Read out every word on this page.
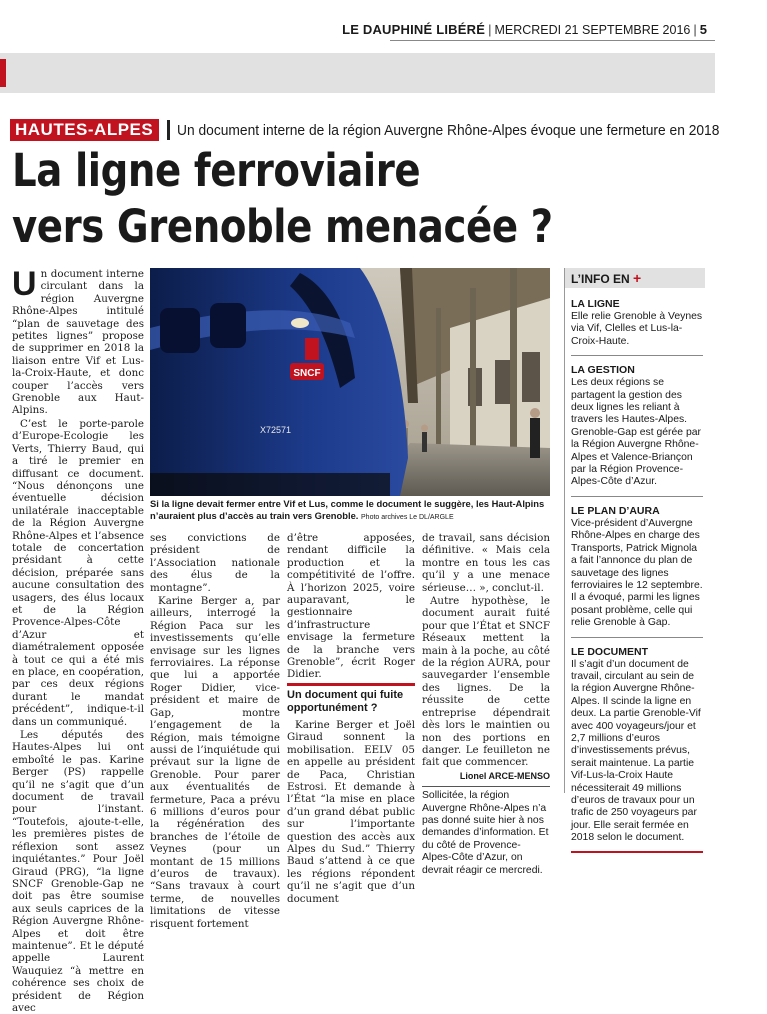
LE DAUPHINÉ LIBÉRÉ | MERCREDI 21 SEPTEMBRE 2016 | 5
HAUTES-ALPES	Un document interne de la région Auvergne Rhône-Alpes évoque une fermeture en 2018
La ligne ferroviaire
vers Grenoble menacée ?
U n document interne circulant dans la région Auvergne Rhône-Alpes intitulé “plan de sauvetage des petites lignes” propose de supprimer en 2018 la liaison entre Vif et Lus-la-Croix-Haute, et donc couper l’accès vers Grenoble aux Haut-Alpins.

C’est le porte-parole d’Europe-Ecologie les Verts, Thierry Baud, qui a tiré le premier en diffusant ce document. “Nous dénonçons une éventuelle décision unilatérale inacceptable de la Région Auvergne Rhône-Alpes et l’absence totale de concertation présidant à cette décision, préparée sans aucune consultation des usagers, des élus locaux et de la Région Provence-Alpes-Côte d’Azur et diamétralement opposée à tout ce qui a été mis en place, en coopération, par ces deux régions durant le mandat précédent”, indique-t-il dans un communiqué.

Les députés des Hautes-Alpes lui ont emboîté le pas. Karine Berger (PS) rappelle qu’il ne s’agit que d’un document de travail pour l’instant. “Toutefois, ajoute-t-elle, les premières pistes de réflexion sont assez inquiétantes.” Pour Joël Giraud (PRG), “la ligne SNCF Grenoble-Gap ne doit pas être soumise aux seuls caprices de la Région Auvergne Rhône-Alpes et doit être maintenue”. Et le député appelle Laurent Wauquiez “à mettre en cohérence ses choix de président de Région avec

SNCF
X72571
Si la ligne devait fermer entre Vif et Lus, comme le document le suggère, les Haut-Alpins n’auraient plus d’accès au train vers Grenoble. Photo archives Le DL/ARGLE

ses convictions de président de l’Association nationale des élus de la montagne”.

Karine Berger a, par ailleurs, interrogé la Région Paca sur les investissements qu’elle envisage sur les lignes ferroviaires. La réponse que lui a apportée Roger Didier, vice-président et maire de Gap, montre l’engagement de la Région, mais témoigne aussi de l’inquiétude qui prévaut sur la ligne de Grenoble. Pour parer aux éventualités de fermeture, Paca a prévu 6 millions d’euros pour la régénération des branches de l’étoile de Veynes (pour un montant de 15 millions d’euros de travaux). “Sans travaux à court terme, de nouvelles limitations de vitesse risquent fortement

d’être apposées, rendant difficile la production et la compétitivité de l’offre. À l’horizon 2025, voire auparavant, le gestionnaire d’infrastructure envisage la fermeture de la branche vers Grenoble”, écrit Roger Didier.

Un document qui fuite opportunément ?

Karine Berger et Joël Giraud sonnent la mobilisation. EELV 05 en appelle au président de Paca, Christian Estrosi. Et demande à l’État “la mise en place d’un grand débat public sur l’importante question des accès aux Alpes du Sud.” Thierry Baud s’attend à ce que les régions répondent qu’il ne s’agit que d’un document

de travail, sans décision définitive. « Mais cela montre en tous les cas qu’il y a une menace sérieuse… », conclut-il.

Autre hypothèse, le document aurait fuité pour que l’État et SNCF Réseaux mettent la main à la poche, au côté de la région AURA, pour sauvegarder l’ensemble des lignes. De la réussite de cette entreprise dépendrait dès lors le maintien ou non des portions en danger. Le feuilleton ne fait que commencer.

Lionel ARCE-MENSO

Sollicitée, la région Auvergne Rhône-Alpes n’a pas donné suite hier à nos demandes d’information. Et du côté de Provence-Alpes-Côte d’Azur, on devrait réagir ce mercredi.

L’INFO EN +
LA LIGNE
Elle relie Grenoble à Veynes via Vif, Clelles et Lus-la-Croix-Haute.
LA GESTION
Les deux régions se partagent la gestion des deux lignes les reliant à travers les Hautes-Alpes. Grenoble-Gap est gérée par la Région Auvergne Rhône-Alpes et Valence-Briançon par la Région Provence-Alpes-Côte d’Azur.
LE PLAN D’AURA
Vice-président d’Auvergne Rhône-Alpes en charge des Transports, Patrick Mignola a fait l’annonce du plan de sauvetage des lignes ferroviaires le 12 septembre. Il a évoqué, parmi les lignes posant problème, celle qui relie Grenoble à Gap.
LE DOCUMENT
Il s’agit d’un document de travail, circulant au sein de la région Auvergne Rhône-Alpes. Il scinde la ligne en deux. La partie Grenoble-Vif avec 400 voyageurs/jour et 2,7 millions d’euros d’investissements prévus, serait maintenue. La partie Vif-Lus-la-Croix Haute nécessiterait 49 millions d’euros de travaux pour un trafic de 250 voyageurs par jour. Elle serait fermée en 2018 selon le document.
